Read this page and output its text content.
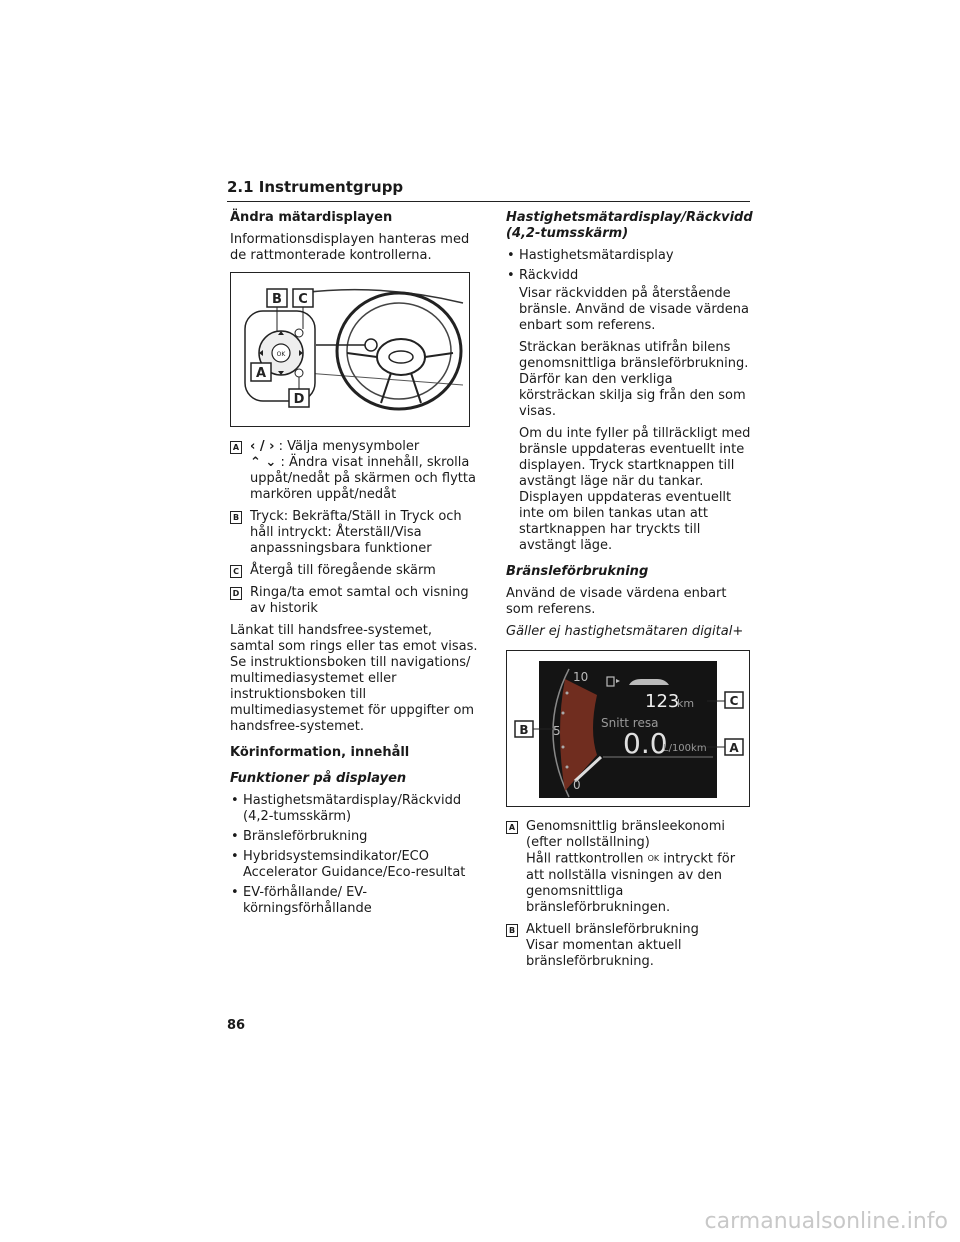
2.1 Instrumentgrupp
Ändra mätardisplayen

Informationsdisplayen hanteras med de rattmonterade kontrollerna.

OK
B C
A
D
A ‹ / › : Välja menysymboler
⌃ ⌄ : Ändra visat innehåll, skrolla uppåt/nedåt på skärmen och flytta markören uppåt/nedåt
B Tryck: Bekräfta/Ställ in Tryck och håll intryckt: Återställ/Visa anpassningsbara funktioner
C Återgå till föregående skärm
D Ringa/ta emot samtal och visning av historik

Länkat till handsfree-systemet, samtal som rings eller tas emot visas. Se instruktionsboken till navigations/ multimediasystemet eller instruktionsboken till multimediasystemet för uppgifter om handsfree-systemet.

Körinformation, innehåll
Funktioner på displayen
• Hastighetsmätardisplay/Räckvidd (4,2-tumsskärm)
• Bränsleförbrukning
• Hybridsystemsindikator/ECO Accelerator Guidance/Eco-resultat
• EV-förhållande/ EV-körningsförhållande
Hastighetsmätardisplay/Räckvidd (4,2-tumsskärm)
• Hastighetsmätardisplay
• Räckvidd
Visar räckvidden på återstående bränsle. Använd de visade värdena enbart som referens.
Sträckan beräknas utifrån bilens genomsnittliga bränsleförbrukning. Därför kan den verkliga körsträckan skilja sig från den som visas.
Om du inte fyller på tillräckligt med bränsle uppdateras eventuellt inte displayen. Tryck startknappen till avstängt läge när du tankar. Displayen uppdateras eventuellt inte om bilen tankas utan att startknappen har tryckts till avstängt läge.
Bränsleförbrukning

Använd de visade värdena enbart som referens.

Gäller ej hastighetsmätaren digital+

10
5
0
123
km
Snitt resa
0.0
L/100km
C
B
A
A Genomsnittlig bränsleekonomi (efter nollställning)
Håll rattkontrollen OK intryckt för att nollställa visningen av den genomsnittliga bränsleförbrukningen.
B Aktuell bränsleförbrukning
Visar momentan aktuell bränsleförbrukning.
86
carmanualsonline.info
